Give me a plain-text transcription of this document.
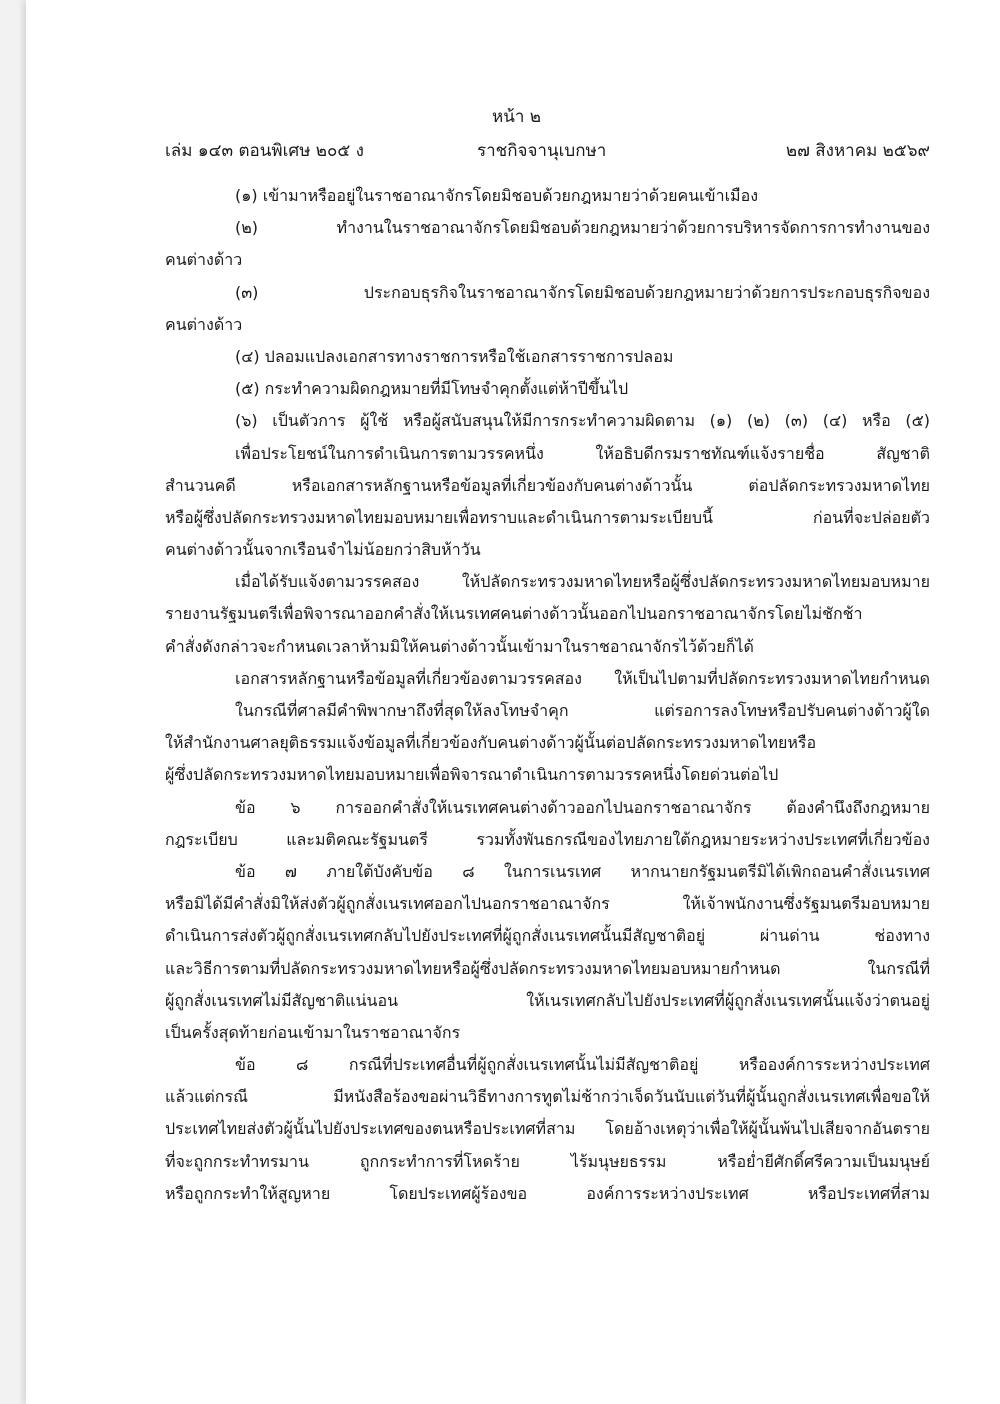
หน้า ๒
เล่ม ๑๔๓ ตอนพิเศษ ๒๐๕ ง	ราชกิจจานุเบกษา	๒๗ สิงหาคม ๒๕๖๙
(๑) เข้ามาหรืออยู่ในราชอาณาจักรโดยมิชอบด้วยกฎหมายว่าด้วยคนเข้าเมือง
(๒) ทำงานในราชอาณาจักรโดยมิชอบด้วยกฎหมายว่าด้วยการบริหารจัดการการทำงานของ
คนต่างด้าว
(๓) ประกอบธุรกิจในราชอาณาจักรโดยมิชอบด้วยกฎหมายว่าด้วยการประกอบธุรกิจของ
คนต่างด้าว
(๔) ปลอมแปลงเอกสารทางราชการหรือใช้เอกสารราชการปลอม
(๕) กระทำความผิดกฎหมายที่มีโทษจำคุกตั้งแต่ห้าปีขึ้นไป
(๖) เป็นตัวการ ผู้ใช้ หรือผู้สนับสนุนให้มีการกระทำความผิดตาม (๑) (๒) (๓) (๔) หรือ (๕)
เพื่อประโยชน์ในการดำเนินการตามวรรคหนึ่ง ให้อธิบดีกรมราชทัณฑ์แจ้งรายชื่อ สัญชาติ
สำนวนคดี หรือเอกสารหลักฐานหรือข้อมูลที่เกี่ยวข้องกับคนต่างด้าวนั้น ต่อปลัดกระทรวงมหาดไทย
หรือผู้ซึ่งปลัดกระทรวงมหาดไทยมอบหมายเพื่อทราบและดำเนินการตามระเบียบนี้ ก่อนที่จะปล่อยตัว
คนต่างด้าวนั้นจากเรือนจำไม่น้อยกว่าสิบห้าวัน
เมื่อได้รับแจ้งตามวรรคสอง ให้ปลัดกระทรวงมหาดไทยหรือผู้ซึ่งปลัดกระทรวงมหาดไทยมอบหมาย
รายงานรัฐมนตรีเพื่อพิจารณาออกคำสั่งให้เนรเทศคนต่างด้าวนั้นออกไปนอกราชอาณาจักรโดยไม่ชักช้า
คำสั่งดังกล่าวจะกำหนดเวลาห้ามมิให้คนต่างด้าวนั้นเข้ามาในราชอาณาจักรไว้ด้วยก็ได้
เอกสารหลักฐานหรือข้อมูลที่เกี่ยวข้องตามวรรคสอง ให้เป็นไปตามที่ปลัดกระทรวงมหาดไทยกำหนด
ในกรณีที่ศาลมีคำพิพากษาถึงที่สุดให้ลงโทษจำคุก แต่รอการลงโทษหรือปรับคนต่างด้าวผู้ใด
ให้สำนักงานศาลยุติธรรมแจ้งข้อมูลที่เกี่ยวข้องกับคนต่างด้าวผู้นั้นต่อปลัดกระทรวงมหาดไทยหรือ
ผู้ซึ่งปลัดกระทรวงมหาดไทยมอบหมายเพื่อพิจารณาดำเนินการตามวรรคหนึ่งโดยด่วนต่อไป
ข้อ ๖ การออกคำสั่งให้เนรเทศคนต่างด้าวออกไปนอกราชอาณาจักร ต้องคำนึงถึงกฎหมาย
กฎระเบียบ และมติคณะรัฐมนตรี รวมทั้งพันธกรณีของไทยภายใต้กฎหมายระหว่างประเทศที่เกี่ยวข้อง
ข้อ ๗ ภายใต้บังคับข้อ ๘ ในการเนรเทศ หากนายกรัฐมนตรีมิได้เพิกถอนคำสั่งเนรเทศ
หรือมิได้มีคำสั่งมิให้ส่งตัวผู้ถูกสั่งเนรเทศออกไปนอกราชอาณาจักร ให้เจ้าพนักงานซึ่งรัฐมนตรีมอบหมาย
ดำเนินการส่งตัวผู้ถูกสั่งเนรเทศกลับไปยังประเทศที่ผู้ถูกสั่งเนรเทศนั้นมีสัญชาติอยู่ ผ่านด่าน ช่องทาง
และวิธีการตามที่ปลัดกระทรวงมหาดไทยหรือผู้ซึ่งปลัดกระทรวงมหาดไทยมอบหมายกำหนด ในกรณีที่
ผู้ถูกสั่งเนรเทศไม่มีสัญชาติแน่นอน ให้เนรเทศกลับไปยังประเทศที่ผู้ถูกสั่งเนรเทศนั้นแจ้งว่าตนอยู่
เป็นครั้งสุดท้ายก่อนเข้ามาในราชอาณาจักร
ข้อ ๘ กรณีที่ประเทศอื่นที่ผู้ถูกสั่งเนรเทศนั้นไม่มีสัญชาติอยู่ หรือองค์การระหว่างประเทศ
แล้วแต่กรณี มีหนังสือร้องขอผ่านวิธีทางการทูตไม่ช้ากว่าเจ็ดวันนับแต่วันที่ผู้นั้นถูกสั่งเนรเทศเพื่อขอให้
ประเทศไทยส่งตัวผู้นั้นไปยังประเทศของตนหรือประเทศที่สาม โดยอ้างเหตุว่าเพื่อให้ผู้นั้นพ้นไปเสียจากอันตราย
ที่จะถูกกระทำทรมาน ถูกกระทำการที่โหดร้าย ไร้มนุษยธรรม หรือย่ำยีศักดิ์ศรีความเป็นมนุษย์
หรือถูกกระทำให้สูญหาย โดยประเทศผู้ร้องขอ องค์การระหว่างประเทศ หรือประเทศที่สาม
